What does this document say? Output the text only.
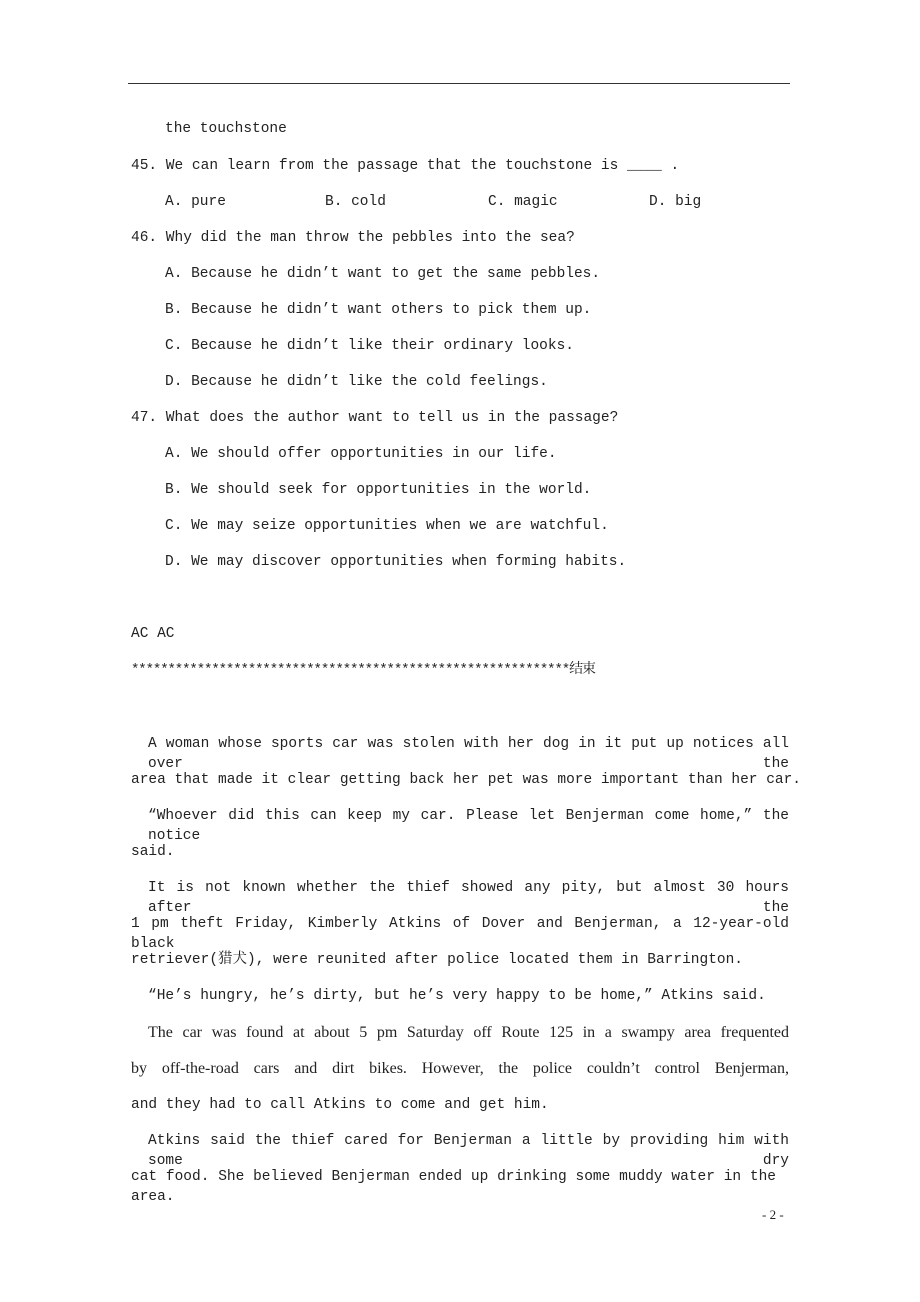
the touchstone
45. We can learn from the passage that the touchstone is ____ .
A. pure	B. cold	C. magic	D. big
46. Why did the man throw the pebbles into the sea?
A. Because he didn’t want to get the same pebbles.
B. Because he didn’t want others to pick them up.
C. Because he didn’t like their ordinary looks.
D. Because he didn’t like the cold feelings.
47. What does the author want to tell us in the passage?
A. We should offer opportunities in our life.
B. We should seek for opportunities in the world.
C. We may seize opportunities when we are watchful.
D. We may discover opportunities when forming habits.
AC AC
************************************************************结束
A woman whose sports car was stolen with her dog in it put up notices all over the
area that made it clear getting back her pet was more important than her car.
“Whoever did this can keep my car. Please let Benjerman come home,” the notice
said.
It is not known whether the thief showed any pity, but almost 30 hours after the
1 pm theft Friday, Kimberly Atkins of Dover and Benjerman, a 12-year-old black
retriever(猎犬), were reunited after police located them in Barrington.
“He’s hungry, he’s dirty, but he’s very happy to be home,” Atkins said.
The car was found at about 5 pm Saturday off Route 125 in a swampy area frequented
by off-the-road cars and dirt bikes. However, the police couldn’t control Benjerman,
and they had to call Atkins to come and get him.
Atkins said the thief cared for Benjerman a little by providing him with some dry
cat food. She believed Benjerman ended up drinking some muddy water in the area.
- 2 -
